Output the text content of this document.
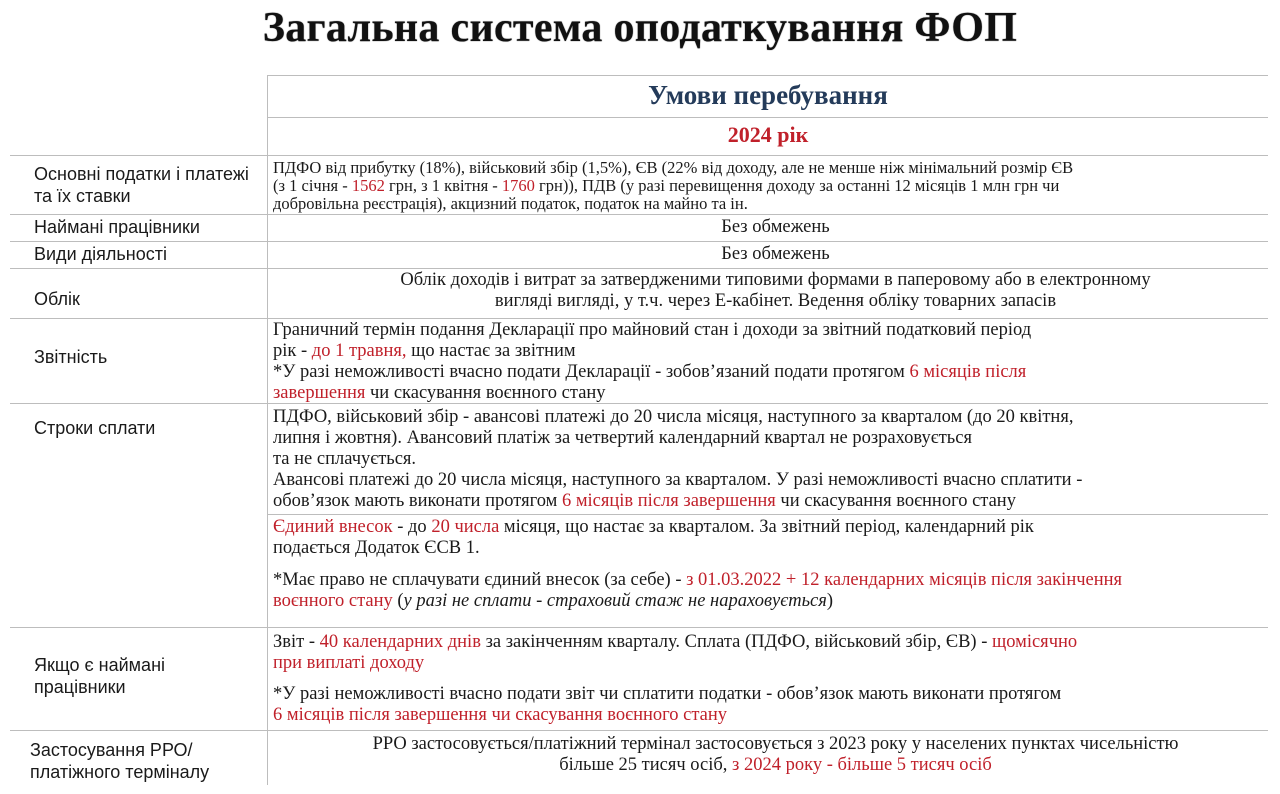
Загальна система оподаткування ФОП
Умови перебування
2024 рік
Основні податки і платежі та їх ставки
ПДФО від прибутку (18%), військовий збір (1,5%), ЄВ (22% від доходу, але не менше ніж мінімальний розмір ЄВ
(з 1 січня - 1562 грн, з 1 квітня - 1760 грн)), ПДВ (у разі перевищення доходу за останні 12 місяців 1 млн грн чи
добровільна реєстрація), акцизний податок, податок на майно та ін.
Наймані працівники	Без обмежень
Види діяльності	Без обмежень
Облік
Облік доходів і витрат за затвердженими типовими формами в паперовому або в електронному
вигляді вигляді, у т.ч. через Е-кабінет. Ведення обліку товарних запасів
Звітність
Граничний термін подання Декларації про майновий стан і доходи за звітний податковий період
рік - до 1 травня, що настає за звітним
*У разі неможливості вчасно подати Декларації - зобов’язаний подати протягом 6 місяців після
завершення чи скасування воєнного стану
Строки сплати
ПДФО, військовий збір - авансові платежі до 20 числа місяця, наступного за кварталом (до 20 квітня,
липня і жовтня). Авансовий платіж за четвертий календарний квартал не розраховується
та не сплачується.
Авансові платежі до 20 числа місяця, наступного за кварталом. У разі неможливості вчасно сплатити -
обов’язок мають виконати протягом 6 місяців після завершення чи скасування воєнного стану
Єдиний внесок - до 20 числа місяця, що настає за кварталом. За звітний період, календарний рік
подається Додаток ЄСВ 1.
*Має право не сплачувати єдиний внесок (за себе) - з 01.03.2022 + 12 календарних місяців після закінчення
воєнного стану (у разі не сплати - страховий стаж не нараховується)
Якщо є наймані працівники
Звіт - 40 календарних днів за закінченням кварталу. Сплата (ПДФО, військовий збір, ЄВ) - щомісячно
при виплаті доходу
*У разі неможливості вчасно подати звіт чи сплатити податки - обов’язок мають виконати протягом
6 місяців після завершення чи скасування воєнного стану
Застосування РРО/ платіжного терміналу
РРО застосовується/платіжний термінал застосовується з 2023 року у населених пунктах чисельністю
більше 25 тисяч осіб, з 2024 року - більше 5 тисяч осіб
